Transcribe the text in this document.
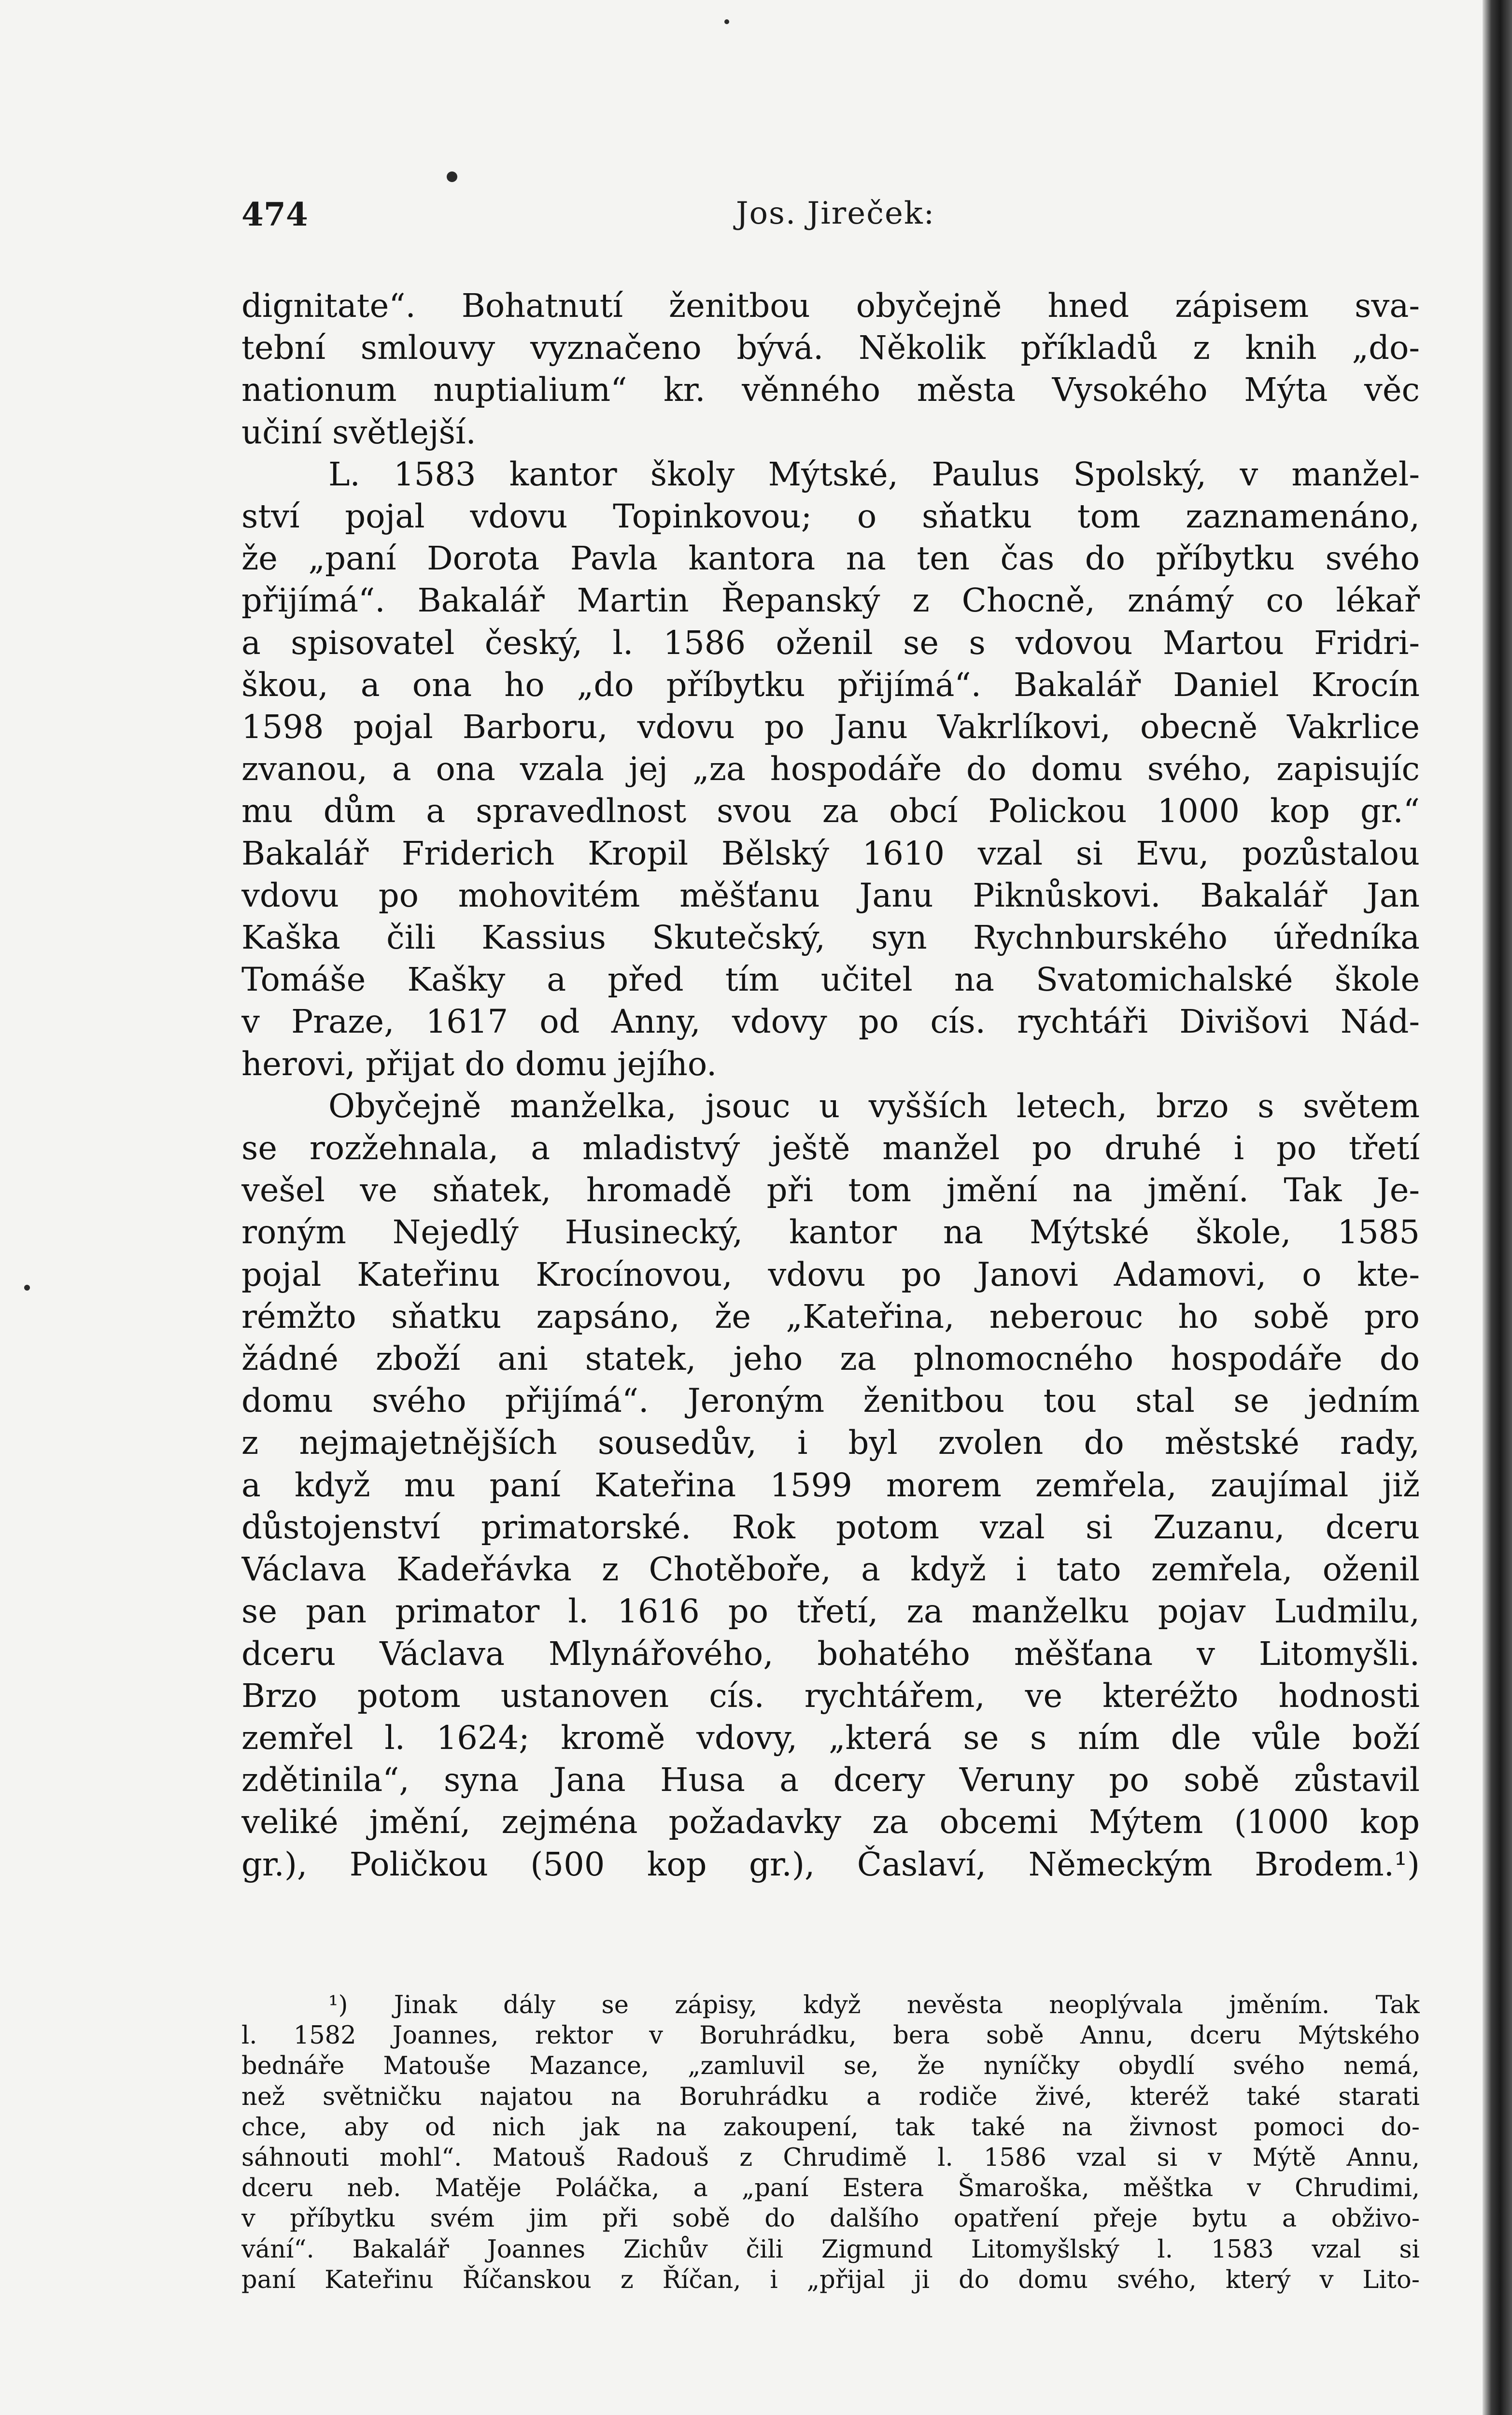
474	Jos. Jireček:
dignitate“. Bohatnutí ženitbou obyčejně hned zápisem sva-
tební smlouvy vyznačeno bývá. Několik příkladů z knih „do-
nationum nuptialium“ kr. věnného města Vysokého Mýta věc
učiní světlejší.
L. 1583 kantor školy Mýtské, Paulus Spolský, v manžel-
ství pojal vdovu Topinkovou; o sňatku tom zaznamenáno,
že „paní Dorota Pavla kantora na ten čas do příbytku svého
přijímá“. Bakalář Martin Řepanský z Chocně, známý co lékař
a spisovatel český, l. 1586 oženil se s vdovou Martou Fridri-
škou, a ona ho „do příbytku přijímá“. Bakalář Daniel Krocín
1598 pojal Barboru, vdovu po Janu Vakrlíkovi, obecně Vakrlice
zvanou, a ona vzala jej „za hospodáře do domu svého, zapisujíc
mu dům a spravedlnost svou za obcí Polickou 1000 kop gr.“
Bakalář Friderich Kropil Bělský 1610 vzal si Evu, pozůstalou
vdovu po mohovitém měšťanu Janu Piknůskovi. Bakalář Jan
Kaška čili Kassius Skutečský, syn Rychnburského úředníka
Tomáše Kašky a před tím učitel na Svatomichalské škole
v Praze, 1617 od Anny, vdovy po cís. rychtáři Divišovi Nád-
herovi, přijat do domu jejího.
Obyčejně manželka, jsouc u vyšších letech, brzo s světem
se rozžehnala, a mladistvý ještě manžel po druhé i po třetí
vešel ve sňatek, hromadě při tom jmění na jmění. Tak Je-
roným Nejedlý Husinecký, kantor na Mýtské škole, 1585
pojal Kateřinu Krocínovou, vdovu po Janovi Adamovi, o kte-
rémžto sňatku zapsáno, že „Kateřina, neberouc ho sobě pro
žádné zboží ani statek, jeho za plnomocného hospodáře do
domu svého přijímá“. Jeroným ženitbou tou stal se jedním
z nejmajetnějších sousedův, i byl zvolen do městské rady,
a když mu paní Kateřina 1599 morem zemřela, zaujímal již
důstojenství primatorské. Rok potom vzal si Zuzanu, dceru
Václava Kadeřávka z Chotěboře, a když i tato zemřela, oženil
se pan primator l. 1616 po třetí, za manželku pojav Ludmilu,
dceru Václava Mlynářového, bohatého měšťana v Litomyšli.
Brzo potom ustanoven cís. rychtářem, ve kteréžto hodnosti
zemřel l. 1624; kromě vdovy, „která se s ním dle vůle boží
zdětinila“, syna Jana Husa a dcery Veruny po sobě zůstavil
veliké jmění, zejména požadavky za obcemi Mýtem (1000 kop
gr.), Poličkou (500 kop gr.), Časlaví, Německým Brodem.¹)
¹) Jinak dály se zápisy, když nevěsta neoplývala jměním. Tak
l. 1582 Joannes, rektor v Boruhrádku, bera sobě Annu, dceru Mýtského
bednáře Matouše Mazance, „zamluvil se, že nyníčky obydlí svého nemá,
než světničku najatou na Boruhrádku a rodiče živé, kteréž také starati
chce, aby od nich jak na zakoupení, tak také na živnost pomoci do-
sáhnouti mohl“. Matouš Radouš z Chrudimě l. 1586 vzal si v Mýtě Annu,
dceru neb. Matěje Poláčka, a „paní Estera Šmaroška, měštka v Chrudimi,
v příbytku svém jim při sobě do dalšího opatření přeje bytu a obživo-
vání“. Bakalář Joannes Zichův čili Zigmund Litomyšlský l. 1583 vzal si
paní Kateřinu Říčanskou z Říčan, i „přijal ji do domu svého, který v Lito-
